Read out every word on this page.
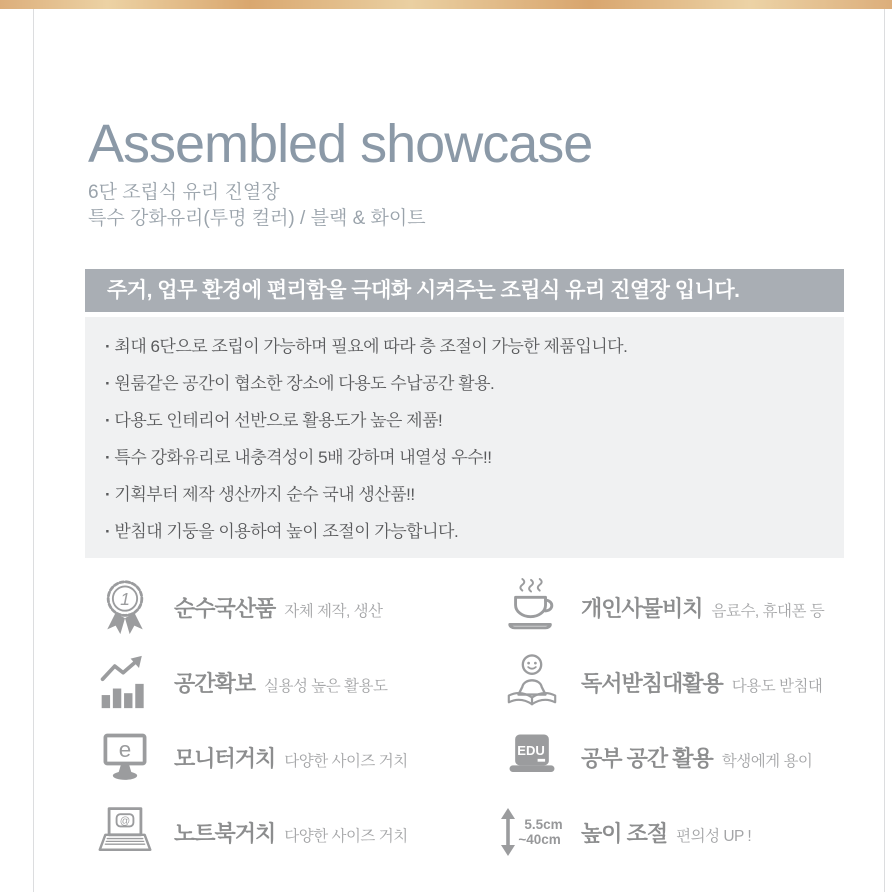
Assembled showcase
6단 조립식 유리 진열장
특수 강화유리(투명 컬러) / 블랙 & 화이트
주거, 업무 환경에 편리함을 극대화 시켜주는 조립식 유리 진열장 입니다.
· 최대 6단으로 조립이 가능하며 필요에 따라 층 조절이 가능한 제품입니다.
· 원룸같은 공간이 협소한 장소에 다용도 수납공간 활용.
· 다용도 인테리어 선반으로 활용도가 높은 제품!
· 특수 강화유리로 내충격성이 5배 강하며 내열성 우수!!
· 기획부터 제작 생산까지 순수 국내 생산품!!
· 받침대 기둥을 이용하여 높이 조절이 가능합니다.
1 순수국산품 자체 제작, 생산	개인사물비치 음료수, 휴대폰 등
공간확보 실용성 높은 활용도	독서받침대활용 다용도 받침대
e 모니터거치 다양한 사이즈 거치
EDU 공부 공간 활용 학생에게 용이
@ 노트북거치 다양한 사이즈 거치
5.5cm
~40cm 높이 조절 편의성 UP !
